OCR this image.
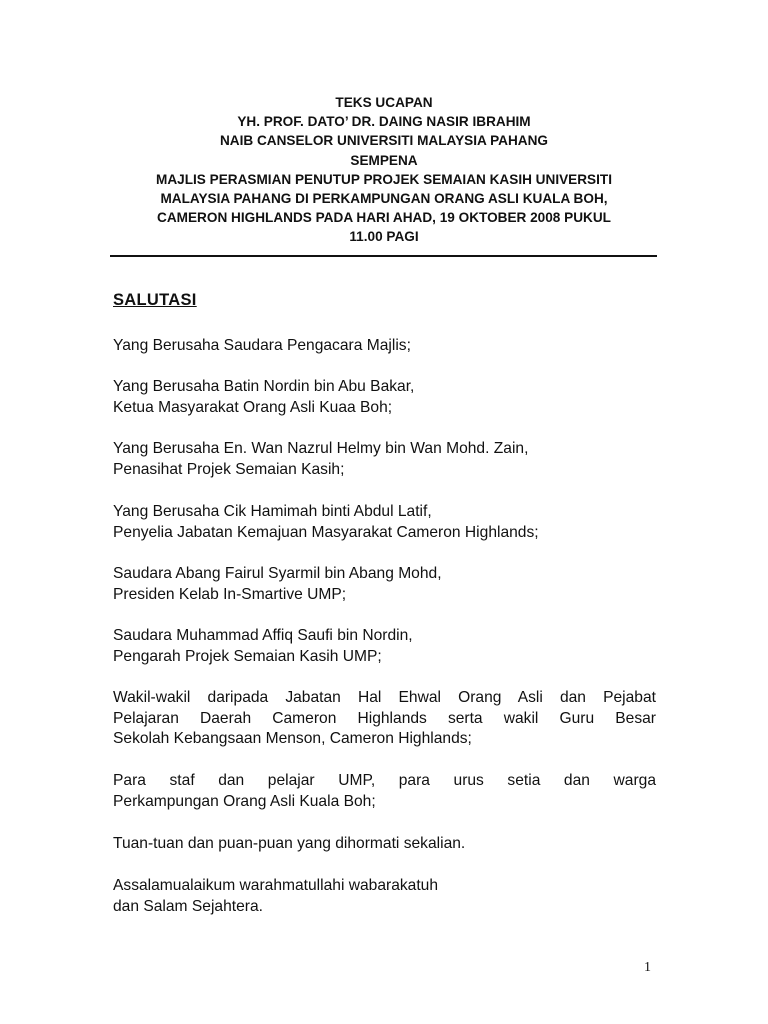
TEKS UCAPAN
YH. PROF. DATO’ DR. DAING NASIR IBRAHIM
NAIB CANSELOR UNIVERSITI MALAYSIA PAHANG
SEMPENA
MAJLIS PERASMIAN PENUTUP PROJEK SEMAIAN KASIH UNIVERSITI
MALAYSIA PAHANG DI PERKAMPUNGAN ORANG ASLI KUALA BOH,
CAMERON HIGHLANDS PADA HARI AHAD, 19 OKTOBER 2008 PUKUL
11.00 PAGI
SALUTASI
Yang Berusaha Saudara Pengacara Majlis;
Yang Berusaha Batin Nordin bin Abu Bakar,
Ketua Masyarakat Orang Asli Kuaa Boh;
Yang Berusaha En. Wan Nazrul Helmy bin Wan Mohd. Zain,
Penasihat Projek Semaian Kasih;
Yang Berusaha Cik Hamimah binti Abdul Latif,
Penyelia Jabatan Kemajuan Masyarakat Cameron Highlands;
Saudara Abang Fairul Syarmil bin Abang Mohd,
Presiden Kelab In-Smartive UMP;
Saudara Muhammad Affiq Saufi bin Nordin,
Pengarah Projek Semaian Kasih UMP;
Wakil-wakil daripada Jabatan Hal Ehwal Orang Asli dan Pejabat
Pelajaran Daerah Cameron Highlands serta wakil Guru Besar
Sekolah Kebangsaan Menson, Cameron Highlands;
Para staf dan pelajar UMP, para urus setia dan warga
Perkampungan Orang Asli Kuala Boh;
Tuan-tuan dan puan-puan yang dihormati sekalian.
Assalamualaikum warahmatullahi wabarakatuh
dan Salam Sejahtera.
1
